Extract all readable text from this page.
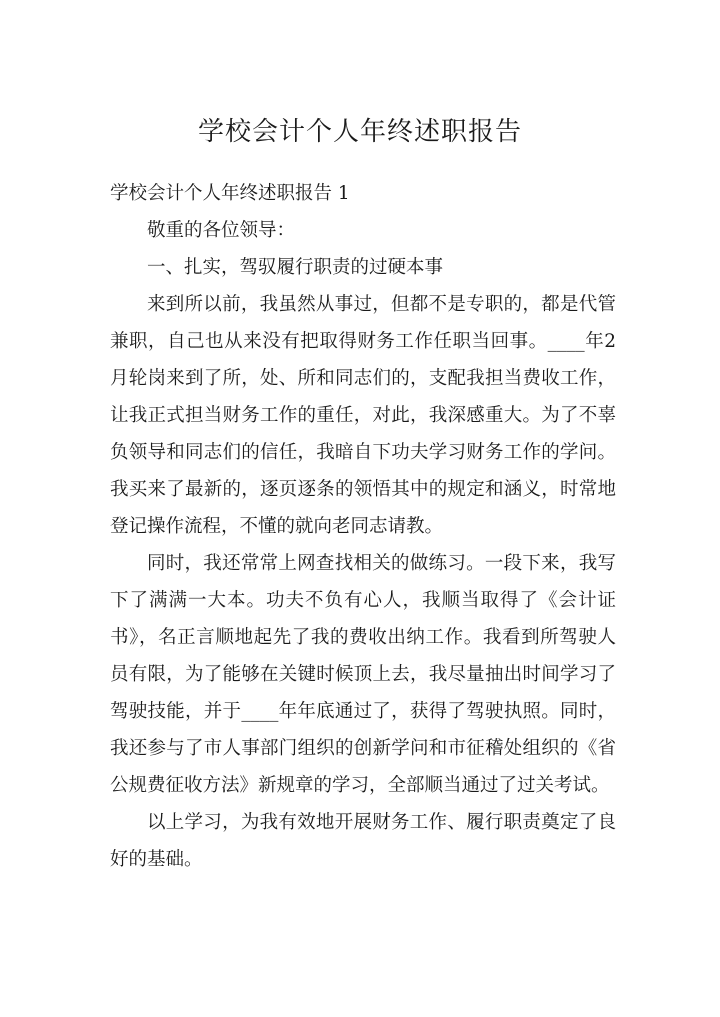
学校会计个人年终述职报告
学校会计个人年终述职报告 1

敬重的各位领导：

一、扎实，驾驭履行职责的过硬本事

来到所以前，我虽然从事过，但都不是专职的，都是代管兼职，自己也从来没有把取得财务工作任职当回事。____年2月轮岗来到了所，处、所和同志们的，支配我担当费收工作，让我正式担当财务工作的重任，对此，我深感重大。为了不辜负领导和同志们的信任，我暗自下功夫学习财务工作的学问。我买来了最新的，逐页逐条的领悟其中的规定和涵义，时常地登记操作流程，不懂的就向老同志请教。

同时，我还常常上网查找相关的做练习。一段下来，我写下了满满一大本。功夫不负有心人，我顺当取得了《会计证书》，名正言顺地起先了我的费收出纳工作。我看到所驾驶人员有限，为了能够在关键时候顶上去，我尽量抽出时间学习了驾驶技能，并于____年年底通过了，获得了驾驶执照。同时，我还参与了市人事部门组织的创新学问和市征稽处组织的《省公规费征收方法》新规章的学习，全部顺当通过了过关考试。

以上学习，为我有效地开展财务工作、履行职责奠定了良好的基础。
